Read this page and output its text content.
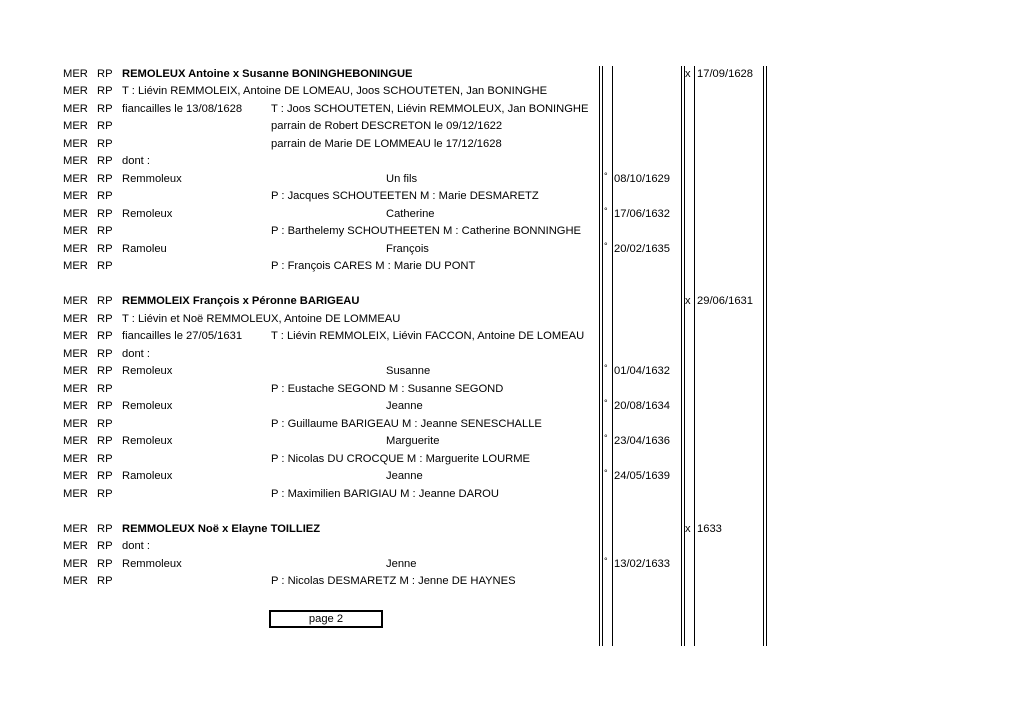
MER RP REMOLEUX Antoine x Susanne BONINGHEBONINGUE	x 17/09/1628
MER RP T : Liévin REMMOLEIX, Antoine DE LOMEAU, Joos SCHOUTETEN, Jan BONINGHE
MER RP fiancailles le 13/08/1628	T : Joos SCHOUTETEN, Liévin REMMOLEUX, Jan BONINGHE
MER RP	parrain de Robert DESCRETON le 09/12/1622
MER RP	parrain de Marie DE LOMMEAU le 17/12/1628
MER RP dont :
MER RP Remmoleux	Un fils	° 08/10/1629
MER RP	P : Jacques SCHOUTEETEN M : Marie DESMARETZ
MER RP Remoleux	Catherine	° 17/06/1632
MER RP	P : Barthelemy SCHOUTHEETEN M : Catherine BONNINGHE
MER RP Ramoleu	François	° 20/02/1635
MER RP	P : François CARES M : Marie DU PONT
MER RP REMMOLEIX François x Péronne BARIGEAU	x 29/06/1631
MER RP T : Liévin et Noë REMMOLEUX, Antoine DE LOMMEAU
MER RP fiancailles le 27/05/1631	T : Liévin REMMOLEIX, Liévin FACCON, Antoine DE LOMEAU
MER RP dont :
MER RP Remoleux	Susanne	° 01/04/1632
MER RP	P : Eustache SEGOND M : Susanne SEGOND
MER RP Remoleux	Jeanne	° 20/08/1634
MER RP	P : Guillaume BARIGEAU M : Jeanne SENESCHALLE
MER RP Remoleux	Marguerite	° 23/04/1636
MER RP	P : Nicolas DU CROCQUE M : Marguerite LOURME
MER RP Ramoleux	Jeanne	° 24/05/1639
MER RP	P : Maximilien BARIGIAU M : Jeanne DAROU
MER RP REMMOLEUX Noë x Elayne TOILLIEZ	x 1633
MER RP dont :
MER RP Remmoleux	Jenne	° 13/02/1633
MER RP	P : Nicolas DESMARETZ M : Jenne DE HAYNES
page 2
